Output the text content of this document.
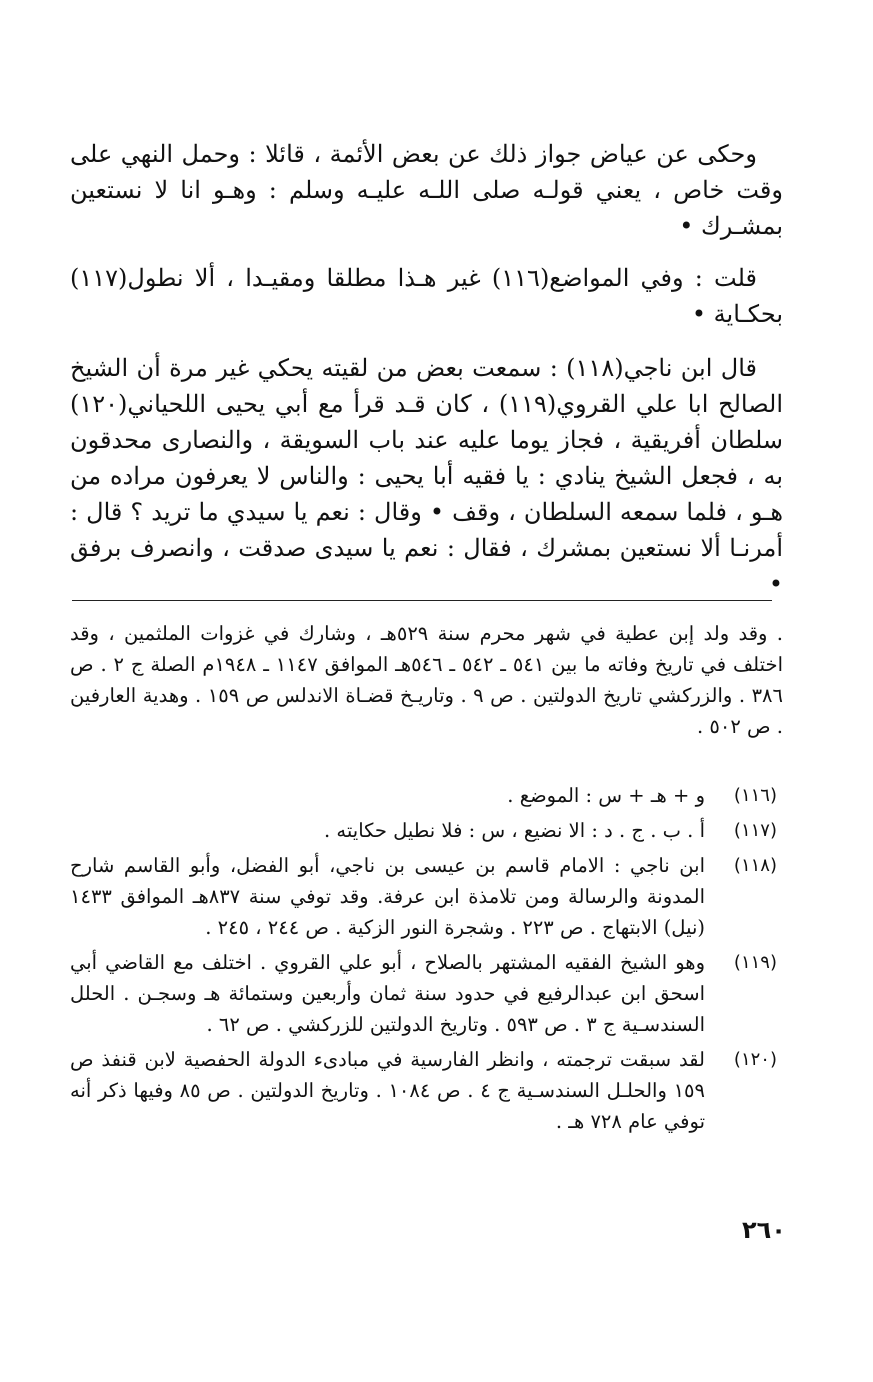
وحكى عن عياض جواز ذلك عن بعض الأئمة ، قائلا : وحمل النهي على وقت خاص ، يعني قولـه صلى اللـه عليـه وسلم : وهـو انا لا نستعين بمشـرك •

قلت : وفي المواضع(١١٦) غير هـذا مطلقا ومقيـدا ، ألا نطول(١١٧) بحكـاية •

قال ابن ناجي(١١٨) : سمعت بعض من لقيته يحكي غير مرة أن الشيخ الصالح ابا علي القروي(١١٩) ، كان قـد قرأ مع أبي يحيى اللحياني(١٢٠) سلطان أفريقية ، فجاز يوما عليه عند باب السويقة ، والنصارى محدقون به ، فجعل الشيخ ينادي : يا فقيه أبا يحيى : والناس لا يعرفون مراده من هـو ، فلما سمعه السلطان ، وقف • وقال : نعم يا سيدي ما تريد ؟ قال : أمرنـا ألا نستعين بمشرك ، فقال : نعم يا سيدى صدقت ، وانصرف برفق •

. وقد ولد إبن عطية في شهر محرم سنة ٥٢٩هـ ، وشارك في غزوات الملثمين ، وقد اختلف في تاريخ وفاته ما بين ٥٤١ ـ ٥٤٢ ـ ٥٤٦هـ الموافق ١١٤٧ ـ ١٩٤٨م الصلة ج ٢ . ص ٣٨٦ . والزركشي تاريخ الدولتين . ص ٩ . وتاريـخ قضـاة الاندلس ص ١٥٩ . وهدية العارفين . ص ٥٠٢ .
(١١٦)
و + هـ + س : الموضع .
(١١٧)
أ . ب . ج . د : الا نضيع ، س : فلا نطيل حكايته .
(١١٨)
ابن ناجي : الامام قاسم بن عيسى بن ناجي، أبو الفضل، وأبو القاسم شارح المدونة والرسالة ومن تلامذة ابن عرفة. وقد توفي سنة ٨٣٧هـ الموافق ١٤٣٣ (نيل) الابتهاج . ص ٢٢٣ . وشجرة النور الزكية . ص ٢٤٤ ، ٢٤٥ .
(١١٩)
وهو الشيخ الفقيه المشتهر بالصلاح ، أبو علي القروي . اختلف مع القاضي أبي اسحق ابن عبدالرفيع في حدود سنة ثمان وأربعين وستمائة هـ وسجـن . الحلل السندسـية ج ٣ . ص ٥٩٣ . وتاريخ الدولتين للزركشي . ص ٦٢ .
(١٢٠)
لقد سبقت ترجمته ، وانظر الفارسية في مبادىء الدولة الحفصية لابن قنفذ ص ١٥٩ والحلـل السندسـية ج ٤ . ص ١٠٨٤ . وتاريخ الدولتين . ص ٨٥ وفيها ذكر أنه توفي عام ٧٢٨ هـ .
٢٦٠
